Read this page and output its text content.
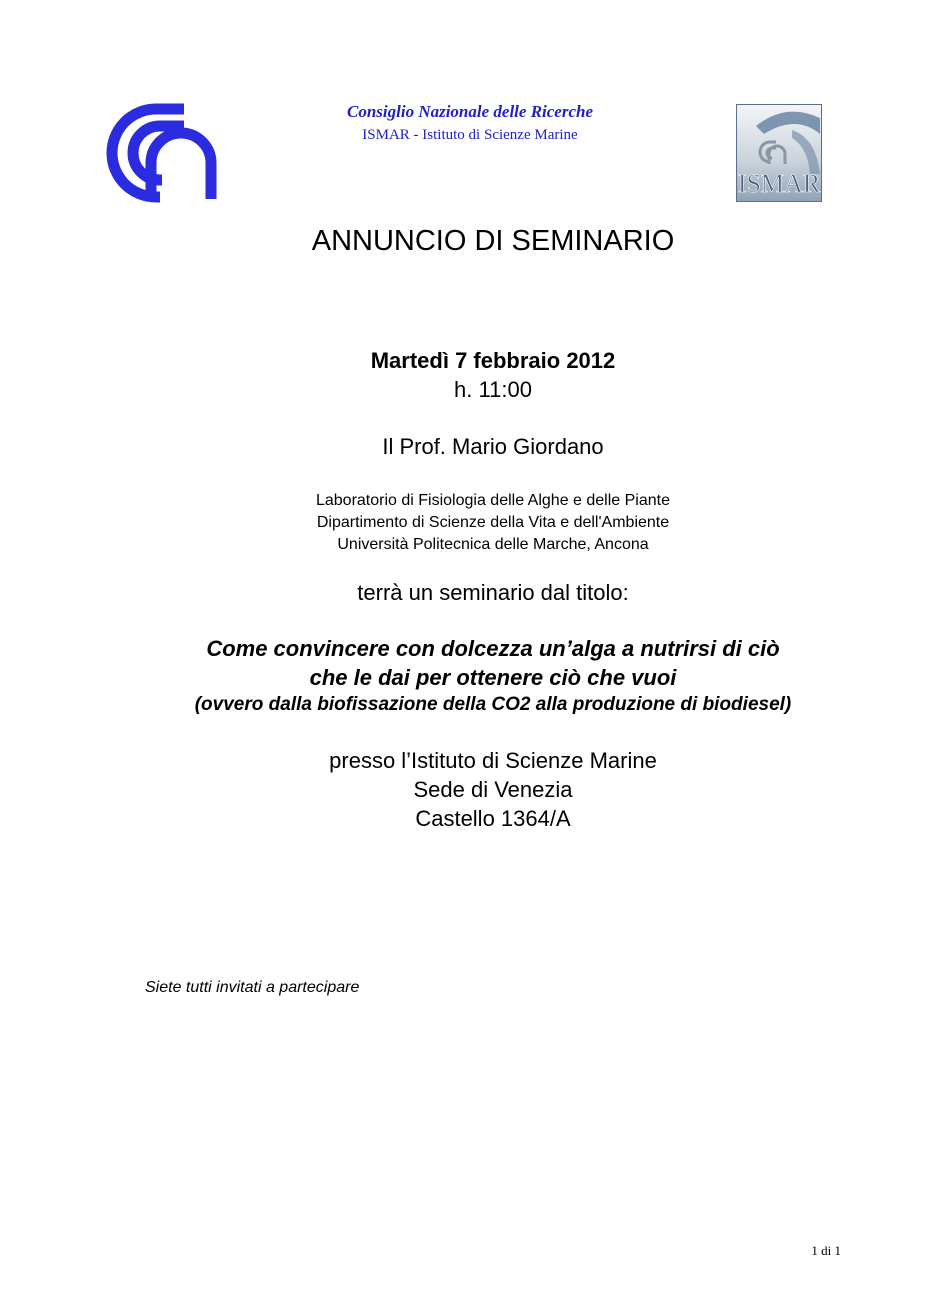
Consiglio Nazionale delle Ricerche
ISMAR - Istituto di Scienze Marine
ISMAR
ANNUNCIO DI SEMINARIO
Martedì 7 febbraio 2012
h. 11:00
Il Prof. Mario Giordano
Laboratorio di Fisiologia delle Alghe e delle Piante
Dipartimento di Scienze della Vita e dell'Ambiente
Università Politecnica delle Marche, Ancona
terrà un seminario dal titolo:
Come convincere con dolcezza un’alga a nutrirsi di ciò
che le dai per ottenere ciò che vuoi
(ovvero dalla biofissazione della CO2 alla produzione di biodiesel)
presso l’Istituto di Scienze Marine
Sede di Venezia
Castello 1364/A
Siete tutti invitati a partecipare
1 di 1
